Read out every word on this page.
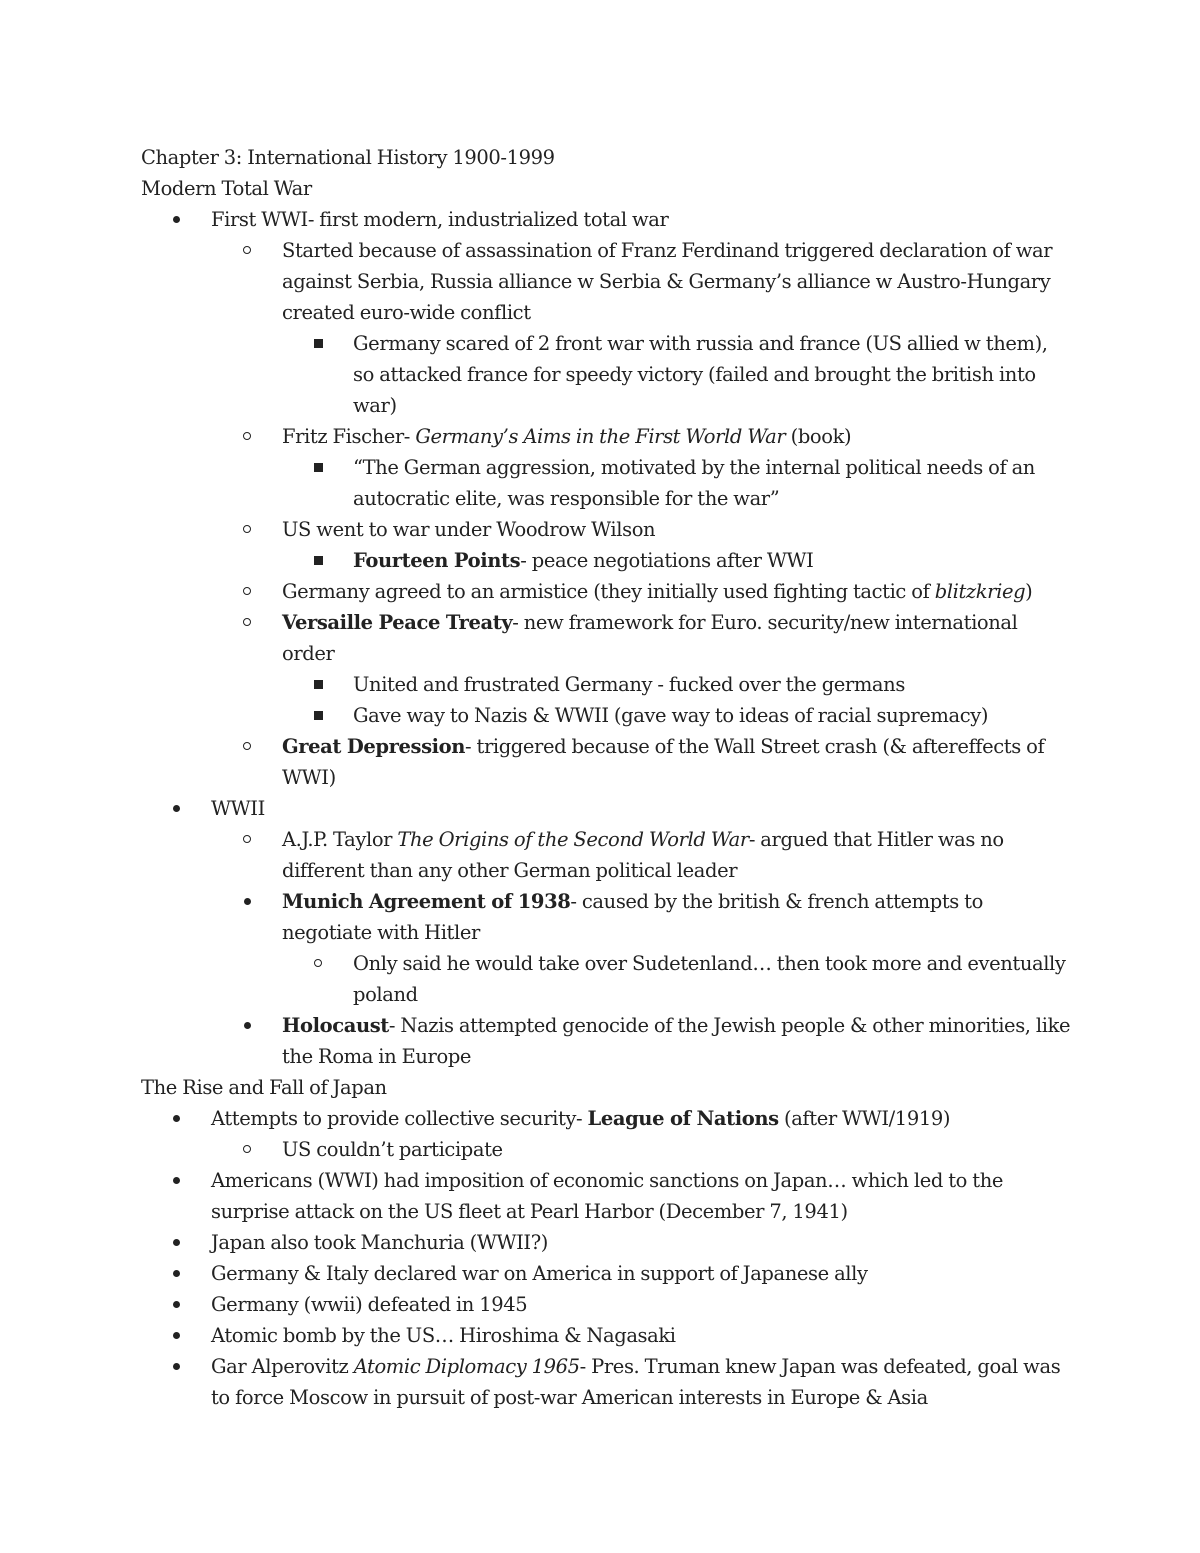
Chapter 3: International History 1900-1999
Modern Total War
First WWI- first modern, industrialized total war
Started because of assassination of Franz Ferdinand triggered declaration of war against Serbia, Russia alliance w Serbia & Germany’s alliance w Austro-Hungary created euro-wide conflict
Germany scared of 2 front war with russia and france (US allied w them), so attacked france for speedy victory (failed and brought the british into war)
Fritz Fischer- Germany’s Aims in the First World War (book)
“The German aggression, motivated by the internal political needs of an autocratic elite, was responsible for the war”
US went to war under Woodrow Wilson
Fourteen Points- peace negotiations after WWI
Germany agreed to an armistice (they initially used fighting tactic of blitzkrieg)
Versaille Peace Treaty- new framework for Euro. security/new international order
United and frustrated Germany - fucked over the germans
Gave way to Nazis & WWII (gave way to ideas of racial supremacy)
Great Depression- triggered because of the Wall Street crash (& aftereffects of WWI)
WWII
A.J.P. Taylor The Origins of the Second World War- argued that Hitler was no different than any other German political leader
Munich Agreement of 1938- caused by the british & french attempts to negotiate with Hitler
Only said he would take over Sudetenland… then took more and eventually poland
Holocaust- Nazis attempted genocide of the Jewish people & other minorities, like the Roma in Europe
The Rise and Fall of Japan
Attempts to provide collective security- League of Nations (after WWI/1919)
US couldn’t participate
Americans (WWI) had imposition of economic sanctions on Japan… which led to the surprise attack on the US fleet at Pearl Harbor (December 7, 1941)
Japan also took Manchuria (WWII?)
Germany & Italy declared war on America in support of Japanese ally
Germany (wwii) defeated in 1945
Atomic bomb by the US… Hiroshima & Nagasaki
Gar Alperovitz Atomic Diplomacy 1965- Pres. Truman knew Japan was defeated, goal was to force Moscow in pursuit of post-war American interests in Europe & Asia
